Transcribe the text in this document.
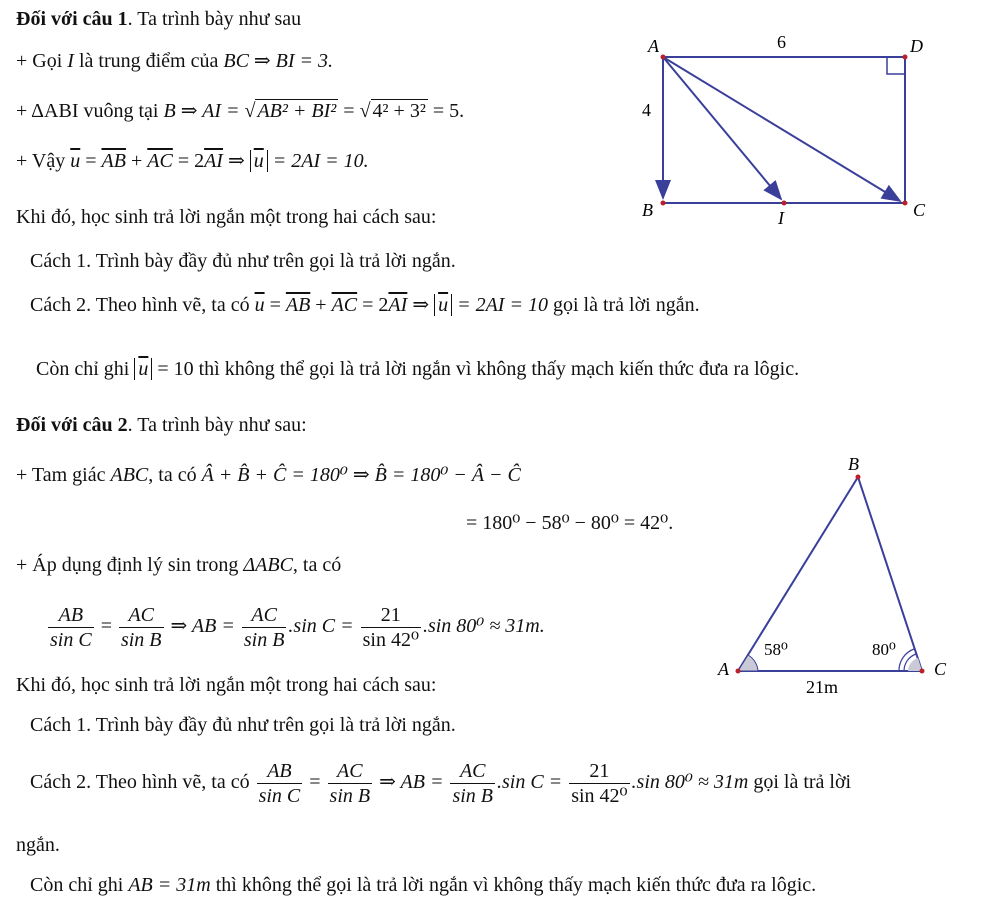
Đối với câu 1. Ta trình bày như sau
+ Gọi I là trung điểm của BC ⇒ BI = 3.
+ ΔABI vuông tại B ⇒ AI = √ AB² + BI² = √ 4² + 3² = 5.
+ Vậy $\overline{u} = \overline{AB} + \overline{AC} = 2\overline{AI}$ ⇒ $\overline{u} = 2AI = 10$.
Khi đó, học sinh trả lời ngắn một trong hai cách sau:
Cách 1. Trình bày đầy đủ như trên gọi là trả lời ngắn.
Cách 2. Theo hình vẽ, ta có $\overline{u} = \overline{AB} + \overline{AC} = 2\overline{AI}$ ⇒ $\overline{u} = 2AI = 10$ gọi là trả lời ngắn.
Còn chỉ ghi $\overline{u} = 10$ thì không thể gọi là trả lời ngắn vì không thấy mạch kiến thức đưa ra lôgic.
A	D
B	C
I
6
4
Đối với câu 2. Ta trình bày như sau:
+ Tam giác ABC, ta có Â + B̂ + Ĉ = 180⁰ ⇒ B̂ = 180⁰ − Â − Ĉ
= 180⁰ − 58⁰ − 80⁰ = 42⁰.
+ Áp dụng định lý sin trong ΔABC, ta có
$\frac{AB}{\text{sin C}} = \frac{AC}{\text{sin B}}$ ⇒ AB = $\frac{AC}{\text{sin B}} .\sin$ $C = \frac{21}{\text{sin 42⁰}} .\sin$ 80⁰ ≈ 31m.
Khi đó, học sinh trả lời ngắn một trong hai cách sau:
Cách 1. Trình bày đầy đủ như trên gọi là trả lời ngắn.
Cách 2. Theo hình vẽ, ta có $\frac{AB}{\text{sin C}} = \frac{AC}{\text{sin B}}$ ⇒ AB = $\frac{AC}{\text{sin B}} .\sin$ $C = \frac{21}{\text{sin 42⁰}} .\sin$ 80⁰ ≈ 31m gọi là trả lời
ngắn.
Còn chỉ ghi AB = 31m thì không thể gọi là trả lời ngắn vì không thấy mạch kiến thức đưa ra lôgic.
B
A	C
58⁰	80⁰
21m
